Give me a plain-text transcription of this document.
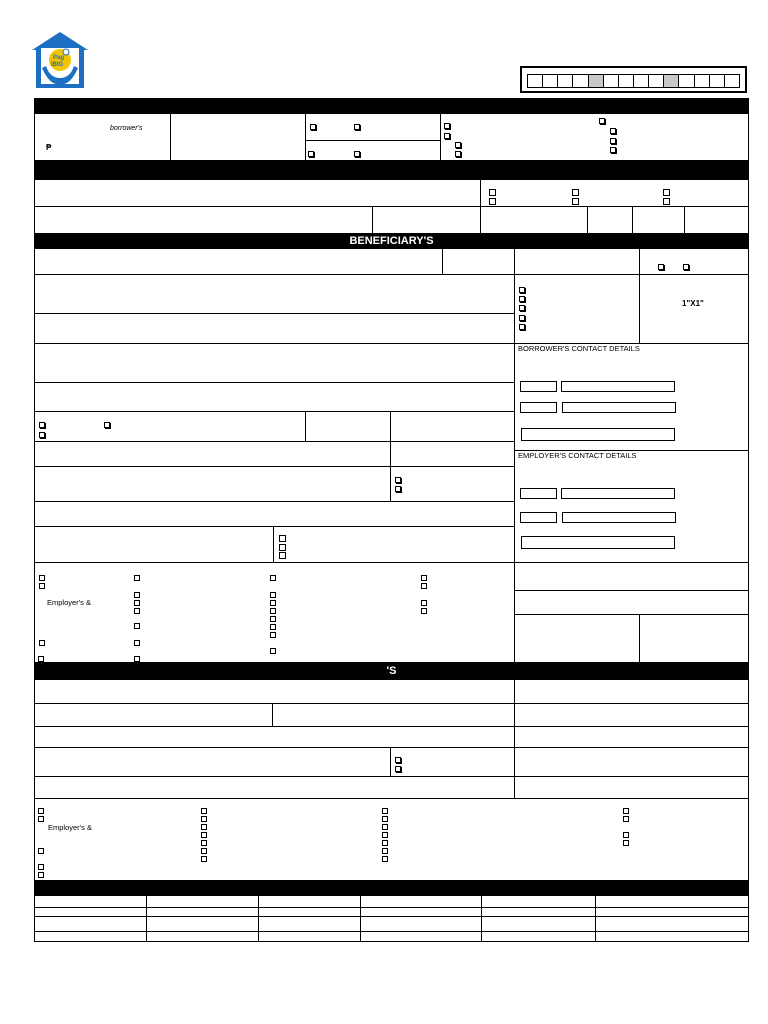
Pag
IBIG
borrower's
₱
BENEFICIARY'S
1"X1"
BORROWER'S CONTACT DETAILS
EMPLOYER'S CONTACT DETAILS
Employer's &
'S
Employer's &
